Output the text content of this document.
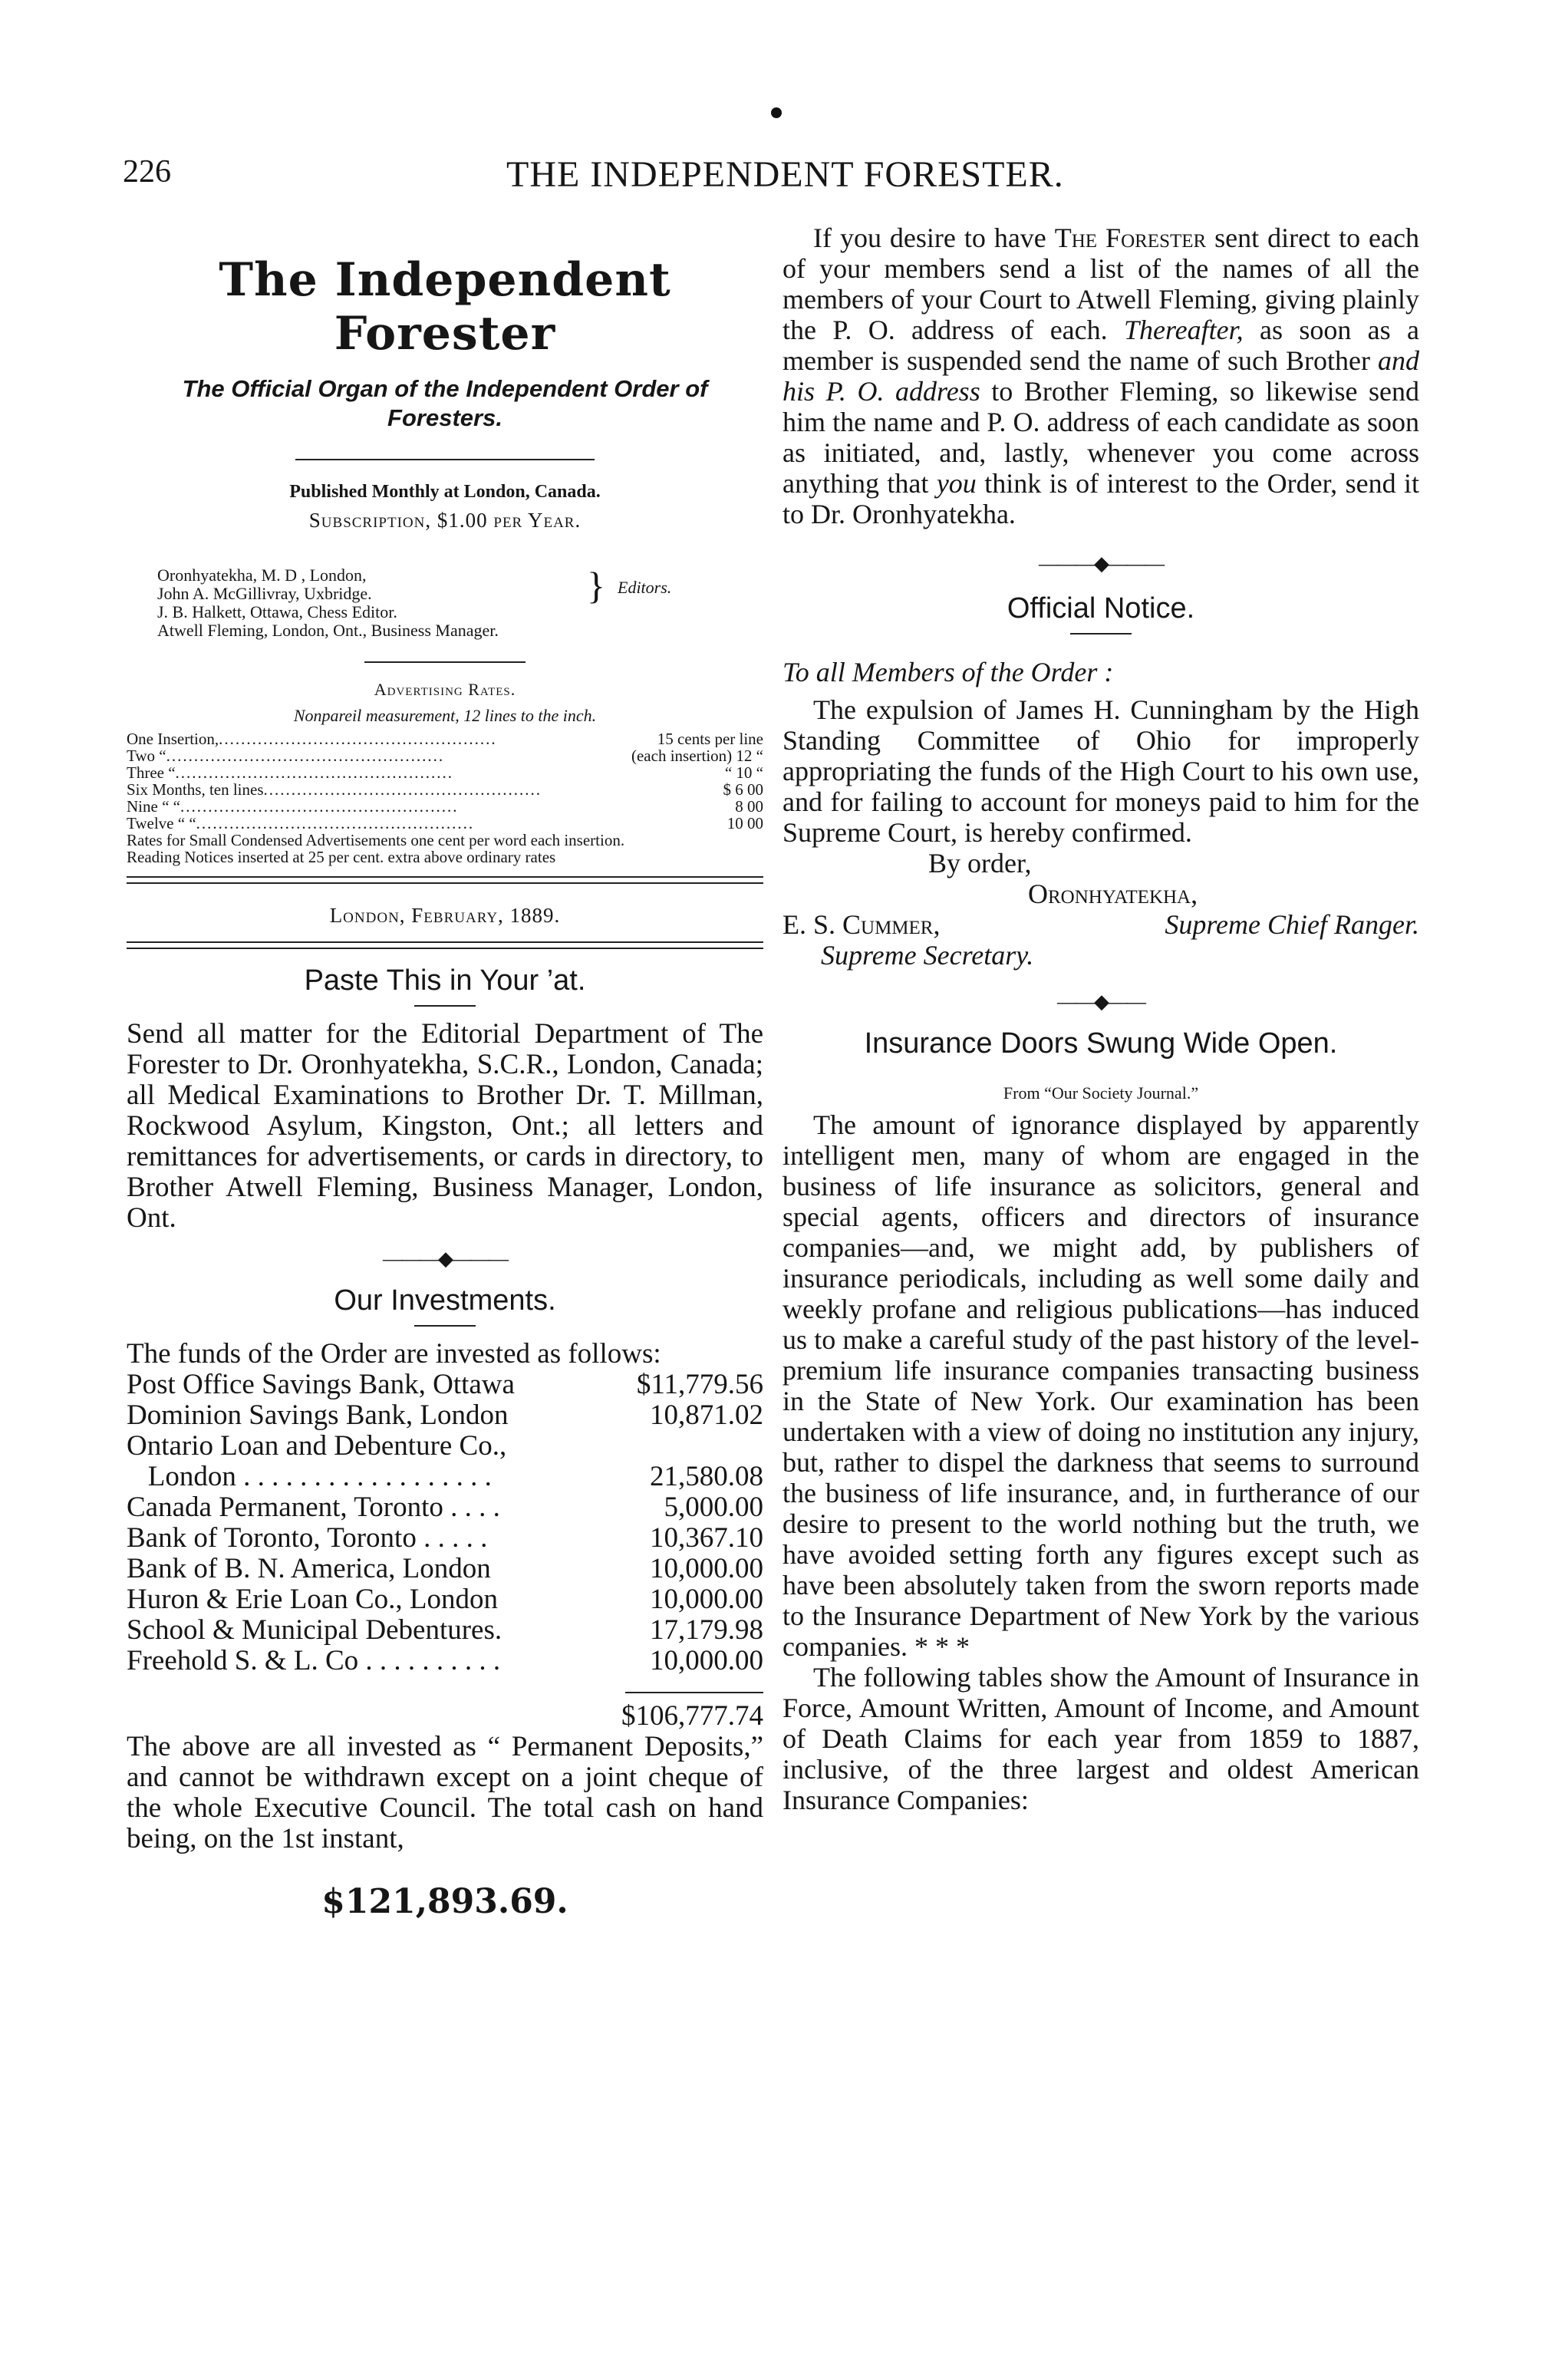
226	THE INDEPENDENT FORESTER.
The Independent Forester
The Official Organ of the Independent Order of Foresters.
Published Monthly at London, Canada.
Subscription, $1.00 per Year.
Oronhyatekha, M. D , London,
John A. McGillivray, Uxbridge.
J. B. Halkett, Ottawa, Chess Editor.
Atwell Fleming, London, Ont., Business Manager.
} Editors.
Advertising Rates.
Nonpareil measurement, 12 lines to the inch.
One Insertion, ..................................................	15 cents per line
Two “ ..................................................	(each insertion) 12 “
Three “ ..................................................	“ 10 “
Six Months, ten lines ..................................................	$ 6 00
Nine “ “ ..................................................	8 00
Twelve “ “ ..................................................	10 00

Rates for Small Condensed Advertisements one cent per word each insertion.

Reading Notices inserted at 25 per cent. extra above ordinary rates

London, February, 1889.
Paste This in Your ’at.

Send all matter for the Editorial Department of The Forester to Dr. Oronhyatekha, S.C.R., London, Canada; all Medical Examinations to Brother Dr. T. Millman, Rockwood Asylum, Kingston, Ont.; all letters and remittances for advertisements, or cards in directory, to Brother Atwell Fleming, Business Manager, London, Ont.

———◆———
Our Investments.

The funds of the Order are invested as follows:

Post Office Savings Bank, Ottawa	$11,779.56
Dominion Savings Bank, London	10,871.02
Ontario Loan and Debenture Co.,
London . . . . . . . . . . . . . . . . . .	21,580.08
Canada Permanent, Toronto . . . .	5,000.00
Bank of Toronto, Toronto . . . . .	10,367.10
Bank of B. N. America, London	10,000.00
Huron & Erie Loan Co., London	10,000.00
School & Municipal Debentures.	17,179.98
Freehold S. & L. Co . . . . . . . . . .	10,000.00
$106,777.74

The above are all invested as “ Permanent Deposits,” and cannot be withdrawn except on a joint cheque of the whole Executive Council. The total cash on hand being, on the 1st instant,

$121,893.69.

If you desire to have The Forester sent direct to each of your members send a list of the names of all the members of your Court to Atwell Fleming, giving plainly the P. O. address of each. Thereafter, as soon as a member is suspended send the name of such Brother and his P. O. address to Brother Fleming, so likewise send him the name and P. O. address of each candidate as soon as initiated, and, lastly, whenever you come across anything that you think is of interest to the Order, send it to Dr. Oronhyatekha.

———◆———
Official Notice.
To all Members of the Order :

The expulsion of James H. Cunningham by the High Standing Committee of Ohio for improperly appropriating the funds of the High Court to his own use, and for failing to account for moneys paid to him for the Supreme Court, is hereby confirmed.

By order,
Oronhyatekha,
E. S. Cummer,	Supreme Chief Ranger.
Supreme Secretary.
——◆——
Insurance Doors Swung Wide Open.
From “Our Society Journal.”

The amount of ignorance displayed by apparently intelligent men, many of whom are engaged in the business of life insurance as solicitors, general and special agents, officers and directors of insurance companies—and, we might add, by publishers of insurance periodicals, including as well some daily and weekly profane and religious publications—has induced us to make a careful study of the past history of the level-premium life insurance companies transacting business in the State of New York. Our examination has been undertaken with a view of doing no institution any injury, but, rather to dispel the darkness that seems to surround the business of life insurance, and, in furtherance of our desire to present to the world nothing but the truth, we have avoided setting forth any figures except such as have been absolutely taken from the sworn reports made to the Insurance Department of New York by the various companies. * * *

The following tables show the Amount of Insurance in Force, Amount Written, Amount of Income, and Amount of Death Claims for each year from 1859 to 1887, inclusive, of the three largest and oldest American Insurance Companies:
